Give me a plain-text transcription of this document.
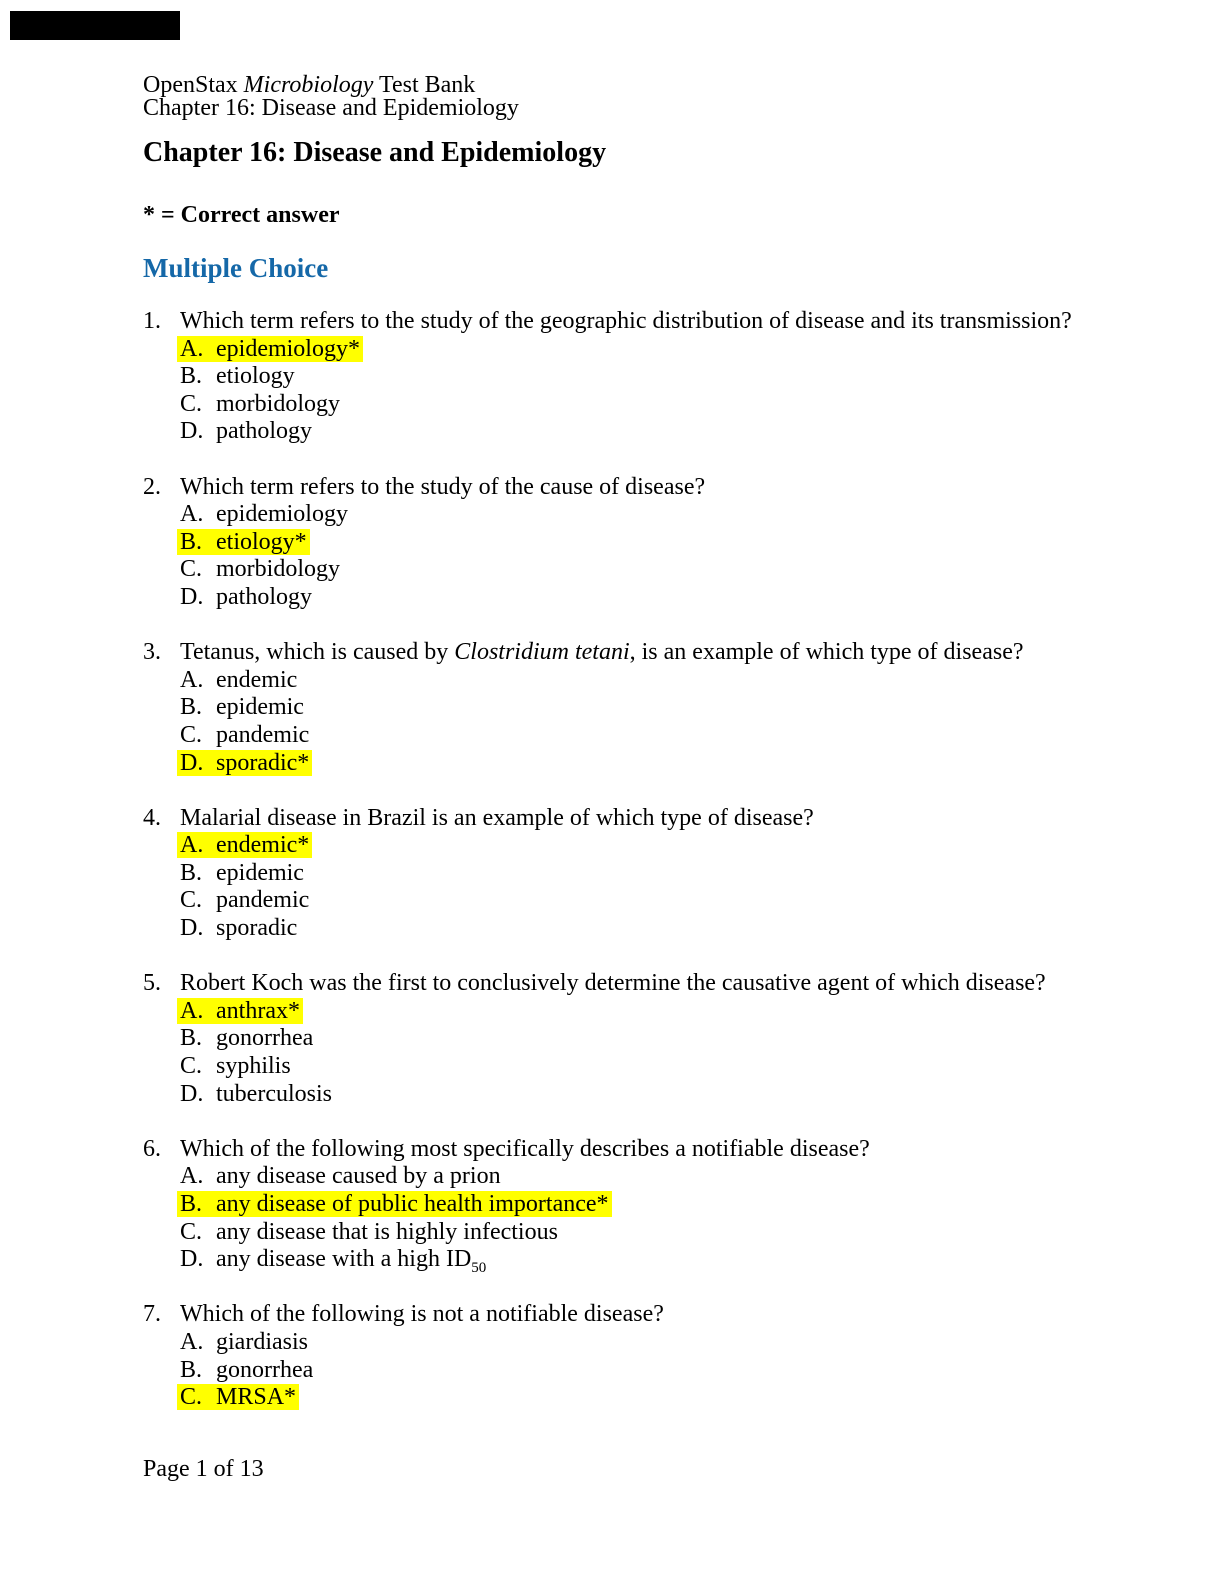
OpenStax Microbiology Test Bank
Chapter 16: Disease and Epidemiology
Chapter 16: Disease and Epidemiology

* = Correct answer

Multiple Choice
1. Which term refers to the study of the geographic distribution of disease and its transmission?
A. epidemiology*
B. etiology
C. morbidology
D. pathology
2. Which term refers to the study of the cause of disease?
A. epidemiology
B. etiology*
C. morbidology
D. pathology
3. Tetanus, which is caused by Clostridium tetani, is an example of which type of disease?
A. endemic
B. epidemic
C. pandemic
D. sporadic*
4. Malarial disease in Brazil is an example of which type of disease?
A. endemic*
B. epidemic
C. pandemic
D. sporadic
5. Robert Koch was the first to conclusively determine the causative agent of which disease?
A. anthrax*
B. gonorrhea
C. syphilis
D. tuberculosis
6. Which of the following most specifically describes a notifiable disease?
A. any disease caused by a prion
B. any disease of public health importance*
C. any disease that is highly infectious
D. any disease with a high $ID_{50}$
7. Which of the following is not a notifiable disease?
A. giardiasis
B. gonorrhea
C. MRSA*
Page 1 of 13
